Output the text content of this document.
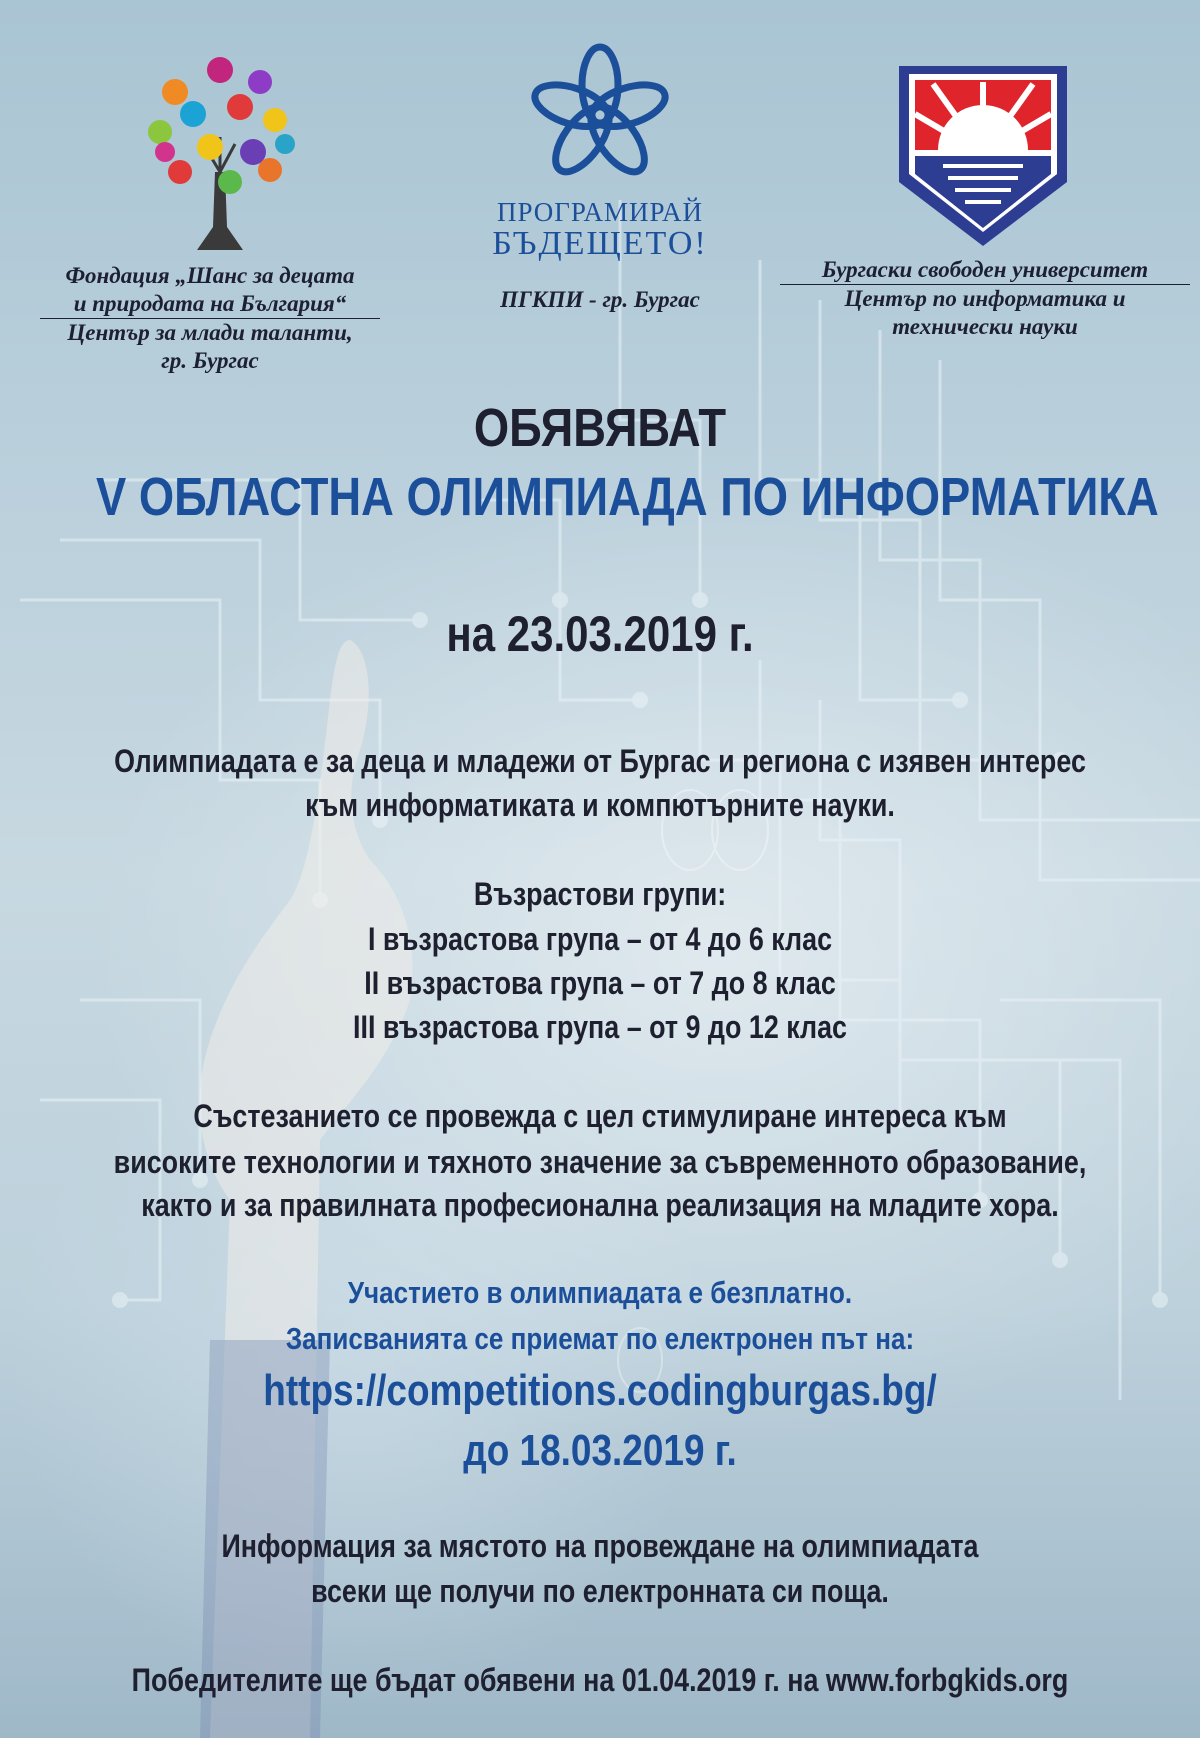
Фондация „Шанс за децата
и природата на България“
Център за млади таланти,
гр. Бургас
ПРОГРАМИРАЙ
БЪДЕЩЕТО!
ПГКПИ - гр. Бургас
Бургаски свободен университет
Център по информатика и
технически науки
ОБЯВЯВАТ
V ОБЛАСТНА ОЛИМПИАДА ПО ИНФОРМАТИКА
на 23.03.2019 г.
Олимпиадата е за деца и младежи от Бургас и региона с изявен интерес
към информатиката и компютърните науки.
Възрастови групи:
I възрастова група – от 4 до 6 клас
II възрастова група – от 7 до 8 клас
III възрастова група – от 9 до 12 клас
Състезанието се провежда с цел стимулиране интереса към
високите технологии и тяхното значение за съвременното образование,
както и за правилната професионална реализация на младите хора.
Участието в олимпиадата е безплатно.
Записванията се приемат по електронен път на:
https://competitions.codingburgas.bg/
до 18.03.2019 г.
Информация за мястото на провеждане на олимпиадата
всеки ще получи по електронната си поща.
Победителите ще бъдат обявени на 01.04.2019 г. на www.forbgkids.org
